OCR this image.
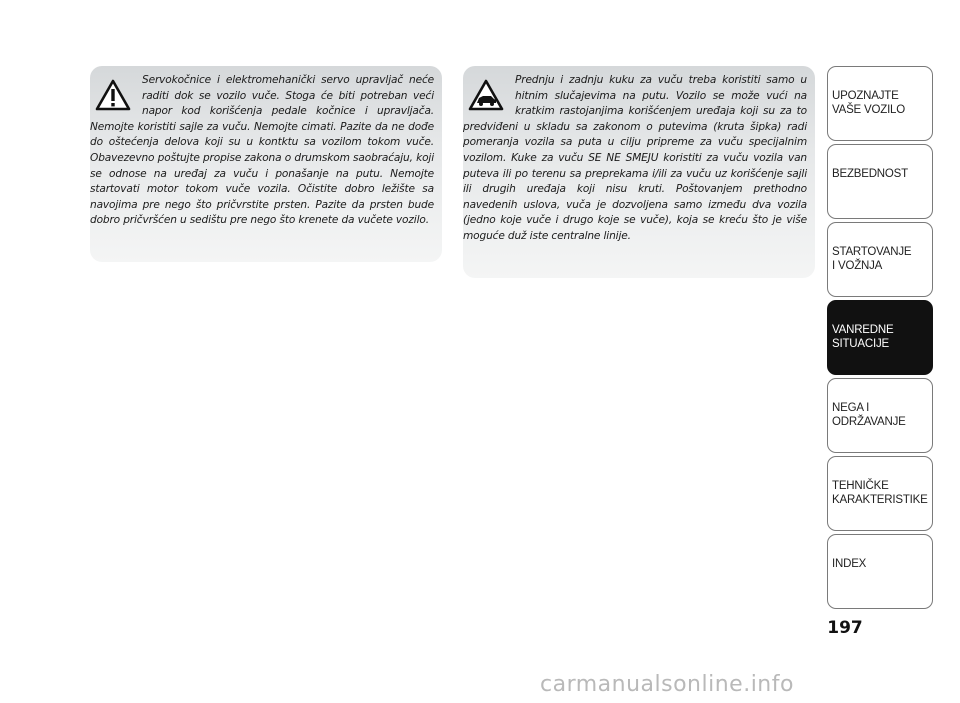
Servokočnice i elektromehanički servo upravljač neće raditi dok se vozilo vuče. Stoga će biti potreban veći napor kod korišćenja pedale kočnice i upravljača. Nemojte koristiti sajle za vuču. Nemojte cimati. Pazite da ne dođe do oštećenja delova koji su u kontktu sa vozilom tokom vuče. Obavezevno poštujte propise zakona o drumskom saobraćaju, koji se odnose na uređaj za vuču i ponašanje na putu. Nemojte startovati motor tokom vuče vozila. Očistite dobro ležište sa navojima pre nego što pričvrstite prsten. Pazite da prsten bude dobro pričvršćen u sedištu pre nego što krenete da vučete vozilo.

Prednju i zadnju kuku za vuču treba koristiti samo u hitnim slučajevima na putu. Vozilo se može vući na kratkim rastojanjima korišćenjem uređaja koji su za to predviđeni u skladu sa zakonom o putevima (kruta šipka) radi pomeranja vozila sa puta u cilju pripreme za vuču specijalnim vozilom. Kuke za vuču SE NE SMEJU koristiti za vuču vozila van puteva ili po terenu sa preprekama i/ili za vuču uz korišćenje sajli ili drugih uređaja koji nisu kruti. Poštovanjem prethodno navedenih uslova, vuča je dozvoljena samo između dva vozila (jedno koje vuče i drugo koje se vuče), koja se kreću što je više moguće duž iste centralne linije.

UPOZNAJTE
VAŠE VOZILO
BEZBEDNOST
STARTOVANJE
I VOŽNJA
VANREDNE
SITUACIJE
NEGA I
ODRŽAVANJE
TEHNIČKE
KARAKTERISTIKE
INDEX
197
carmanualsonline.info
